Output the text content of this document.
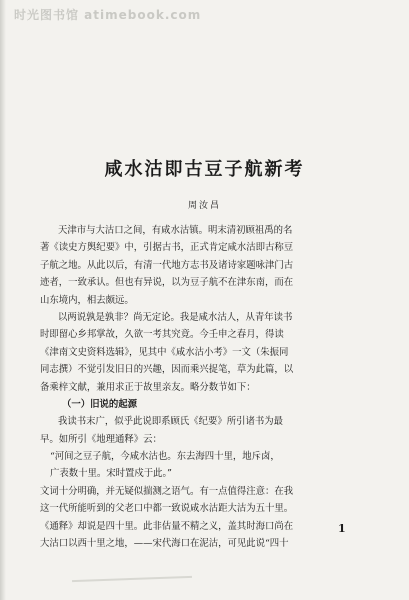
时光图书馆 atimebook.com
咸水沽即古豆子航新考
周汝昌
天津市与大沽口之间，有咸水沽镇。明末清初顾祖禹的名
著《读史方舆纪要》中，引据古书，正式肯定咸水沽即古称豆
子航之地。从此以后，有清一代地方志书及诸诗家题咏津门古
迹者，一致承认。但也有异说，以为豆子航不在津东南，而在
山东境内，相去颇远。
以两说孰是孰非？尚无定论。我是咸水沽人，从青年读书
时即留心乡邦掌故，久欲一考其究竟。今壬申之春月，得读
《津南文史资料选辑》，见其中《咸水沽小考》一文（朱振同
同志撰）不觉引发旧日的兴趣，因而乘兴捉笔，草为此篇，以
备乘梓文献，兼用求正于故里亲友。略分数节如下：
（一）旧说的起源
我读书末广，似乎此说即系顾氏《纪要》所引诸书为最
早。如所引《地理通释》云：
“河间之豆子航，今咸水沽也。东去海四十里，地斥卤，
广表数十里。宋时置戍于此。”
文词十分明确，并无疑似揣测之语气。有一点值得注意：在我
这一代所能听到的父老口中都一致说咸水沽距大沽为五十里。
《通释》却说是四十里。此非估量不精之义，盖其时海口尚在
大沽口以西十里之地，——宋代海口在泥沽，可见此说“四十
1
